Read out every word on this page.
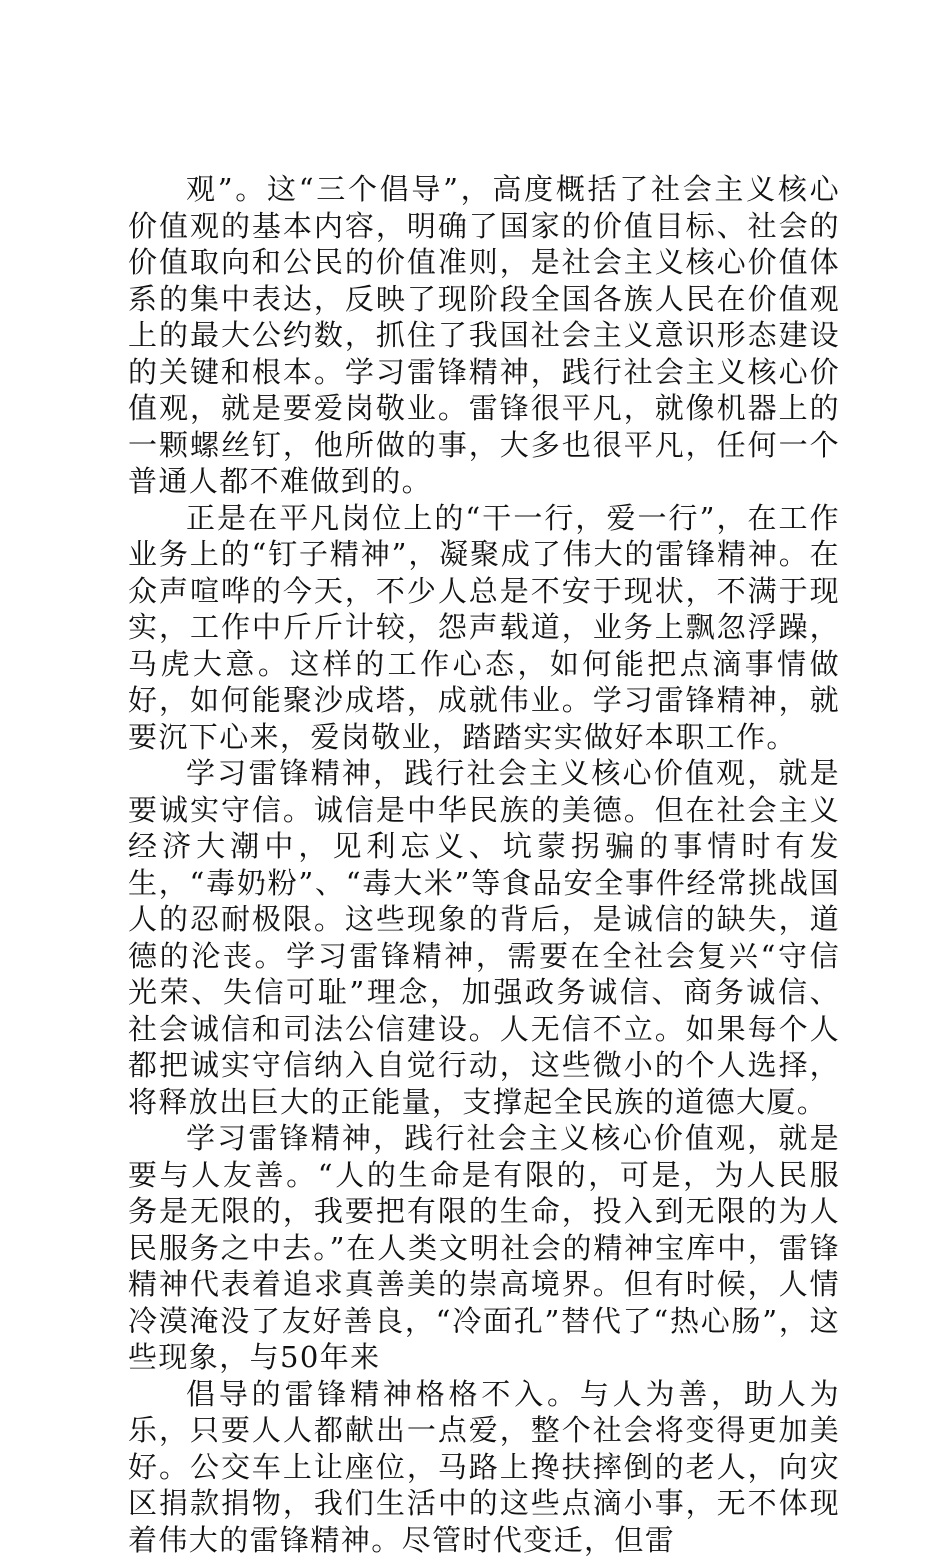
观”。这“三个倡导”，高度概括了社会主义核心价值观的基本内容，明确了国家的价值目标、社会的价值取向和公民的价值准则，是社会主义核心价值体系的集中表达，反映了现阶段全国各族人民在价值观上的最大公约数，抓住了我国社会主义意识形态建设的关键和根本。学习雷锋精神，践行社会主义核心价值观，就是要爱岗敬业。雷锋很平凡，就像机器上的一颗螺丝钉，他所做的事，大多也很平凡，任何一个普通人都不难做到的。

正是在平凡岗位上的“干一行，爱一行”，在工作业务上的“钉子精神”，凝聚成了伟大的雷锋精神。在众声喧哗的今天，不少人总是不安于现状，不满于现实，工作中斤斤计较，怨声载道，业务上飘忽浮躁，马虎大意。这样的工作心态，如何能把点滴事情做好，如何能聚沙成塔，成就伟业。学习雷锋精神，就要沉下心来，爱岗敬业，踏踏实实做好本职工作。

学习雷锋精神，践行社会主义核心价值观，就是要诚实守信。诚信是中华民族的美德。但在社会主义经济大潮中，见利忘义、坑蒙拐骗的事情时有发生，“毒奶粉”、“毒大米”等食品安全事件经常挑战国人的忍耐极限。这些现象的背后，是诚信的缺失，道德的沦丧。学习雷锋精神，需要在全社会复兴“守信光荣、失信可耻”理念，加强政务诚信、商务诚信、社会诚信和司法公信建设。人无信不立。如果每个人都把诚实守信纳入自觉行动，这些微小的个人选择，将释放出巨大的正能量，支撑起全民族的道德大厦。

学习雷锋精神，践行社会主义核心价值观，就是要与人友善。“人的生命是有限的，可是，为人民服务是无限的，我要把有限的生命，投入到无限的为人民服务之中去。”在人类文明社会的精神宝库中，雷锋精神代表着追求真善美的崇高境界。但有时候，人情冷漠淹没了友好善良，“冷面孔”替代了“热心肠”，这些现象，与50年来

倡导的雷锋精神格格不入。与人为善，助人为乐，只要人人都献出一点爱，整个社会将变得更加美好。公交车上让座位，马路上搀扶摔倒的老人，向灾区捐款捐物，我们生活中的这些点滴小事，无不体现着伟大的雷锋精神。尽管时代变迁，但雷
